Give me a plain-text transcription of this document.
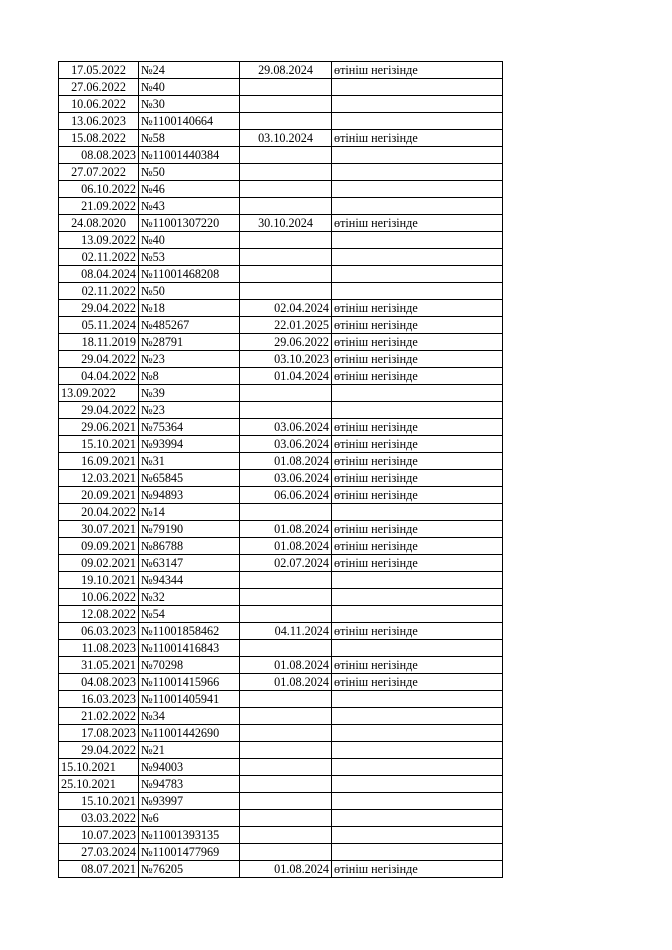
17.05.2022	№24	29.08.2024	өтініш негізінде
27.06.2022	№40		
10.06.2022	№30		
13.06.2023	№1100140664		
15.08.2022	№58	03.10.2024	өтініш негізінде
08.08.2023	№11001440384		
27.07.2022	№50		
06.10.2022	№46		
21.09.2022	№43		
24.08.2020	№11001307220	30.10.2024	өтініш негізінде
13.09.2022	№40		
02.11.2022	№53		
08.04.2024	№11001468208		
02.11.2022	№50		
29.04.2022	№18	02.04.2024	өтініш негізінде
05.11.2024	№485267	22.01.2025	өтініш негізінде
18.11.2019	№28791	29.06.2022	өтініш негізінде
29.04.2022	№23	03.10.2023	өтініш негізінде
04.04.2022	№8	01.04.2024	өтініш негізінде
13.09.2022	№39		
29.04.2022	№23		
29.06.2021	№75364	03.06.2024	өтініш негізінде
15.10.2021	№93994	03.06.2024	өтініш негізінде
16.09.2021	№31	01.08.2024	өтініш негізінде
12.03.2021	№65845	03.06.2024	өтініш негізінде
20.09.2021	№94893	06.06.2024	өтініш негізінде
20.04.2022	№14		
30.07.2021	№79190	01.08.2024	өтініш негізінде
09.09.2021	№86788	01.08.2024	өтініш негізінде
09.02.2021	№63147	02.07.2024	өтініш негізінде
19.10.2021	№94344		
10.06.2022	№32		
12.08.2022	№54		
06.03.2023	№11001858462	04.11.2024	өтініш негізінде
11.08.2023	№11001416843		
31.05.2021	№70298	01.08.2024	өтініш негізінде
04.08.2023	№11001415966	01.08.2024	өтініш негізінде
16.03.2023	№11001405941		
21.02.2022	№34		
17.08.2023	№11001442690		
29.04.2022	№21		
15.10.2021	№94003		
25.10.2021	№94783		
15.10.2021	№93997		
03.03.2022	№6		
10.07.2023	№11001393135		
27.03.2024	№11001477969		
08.07.2021	№76205	01.08.2024	өтініш негізінде
